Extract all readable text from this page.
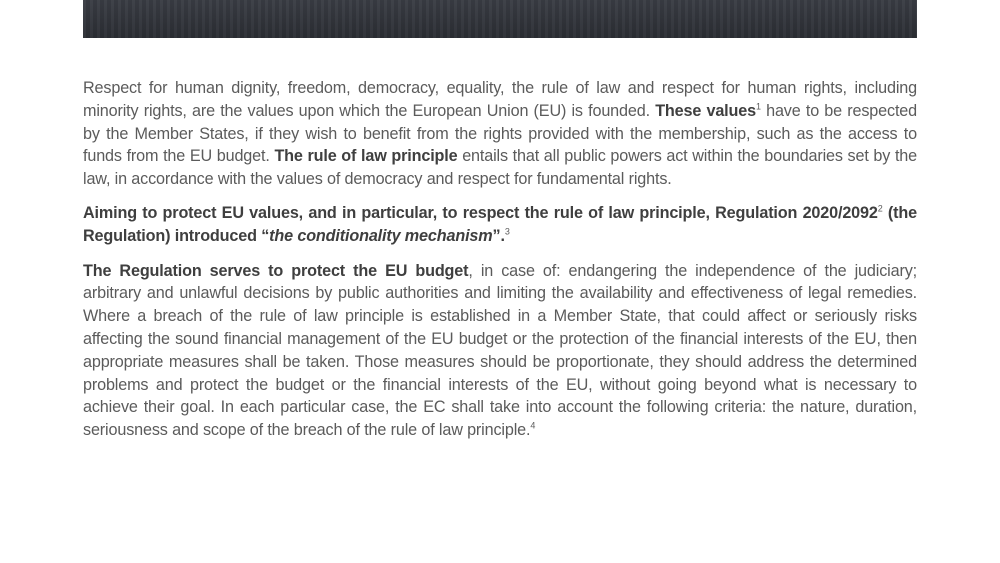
Respect for human dignity, freedom, democracy, equality, the rule of law and respect for human rights, including minority rights, are the values upon which the European Union (EU) is founded. These values$^1$ have to be respected by the Member States, if they wish to benefit from the rights provided with the membership, such as the access to funds from the EU budget. The rule of law principle entails that all public powers act within the boundaries set by the law, in accordance with the values of democracy and respect for fundamental rights.

Aiming to protect EU values, and in particular, to respect the rule of law principle, Regulation 2020/2092$^2$ (the Regulation) introduced “the conditionality mechanism”.$^3$

The Regulation serves to protect the EU budget, in case of: endangering the independence of the judiciary; arbitrary and unlawful decisions by public authorities and limiting the availability and effectiveness of legal remedies. Where a breach of the rule of law principle is established in a Member State, that could affect or seriously risks affecting the sound financial management of the EU budget or the protection of the financial interests of the EU, then appropriate measures shall be taken. Those measures should be proportionate, they should address the determined problems and protect the budget or the financial interests of the EU, without going beyond what is necessary to achieve their goal. In each particular case, the EC shall take into account the following criteria: the nature, duration, seriousness and scope of the breach of the rule of law principle.$^4$
